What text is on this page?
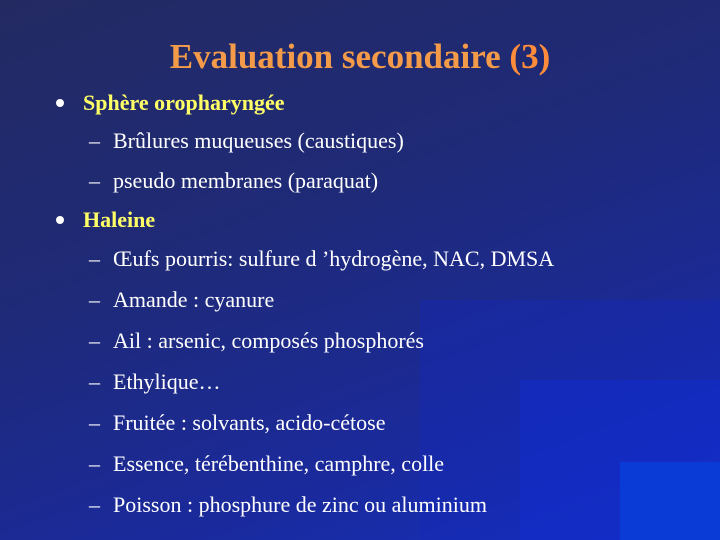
Evaluation secondaire (3)
Sphère oropharyngée
– Brûlures muqueuses (caustiques)
– pseudo membranes (paraquat)
Haleine
– Œufs pourris: sulfure d ’hydrogène, NAC, DMSA
– Amande : cyanure
– Ail : arsenic, composés phosphorés
– Ethylique…
– Fruitée : solvants, acido-cétose
– Essence, térébenthine, camphre, colle
– Poisson : phosphure de zinc ou aluminium
